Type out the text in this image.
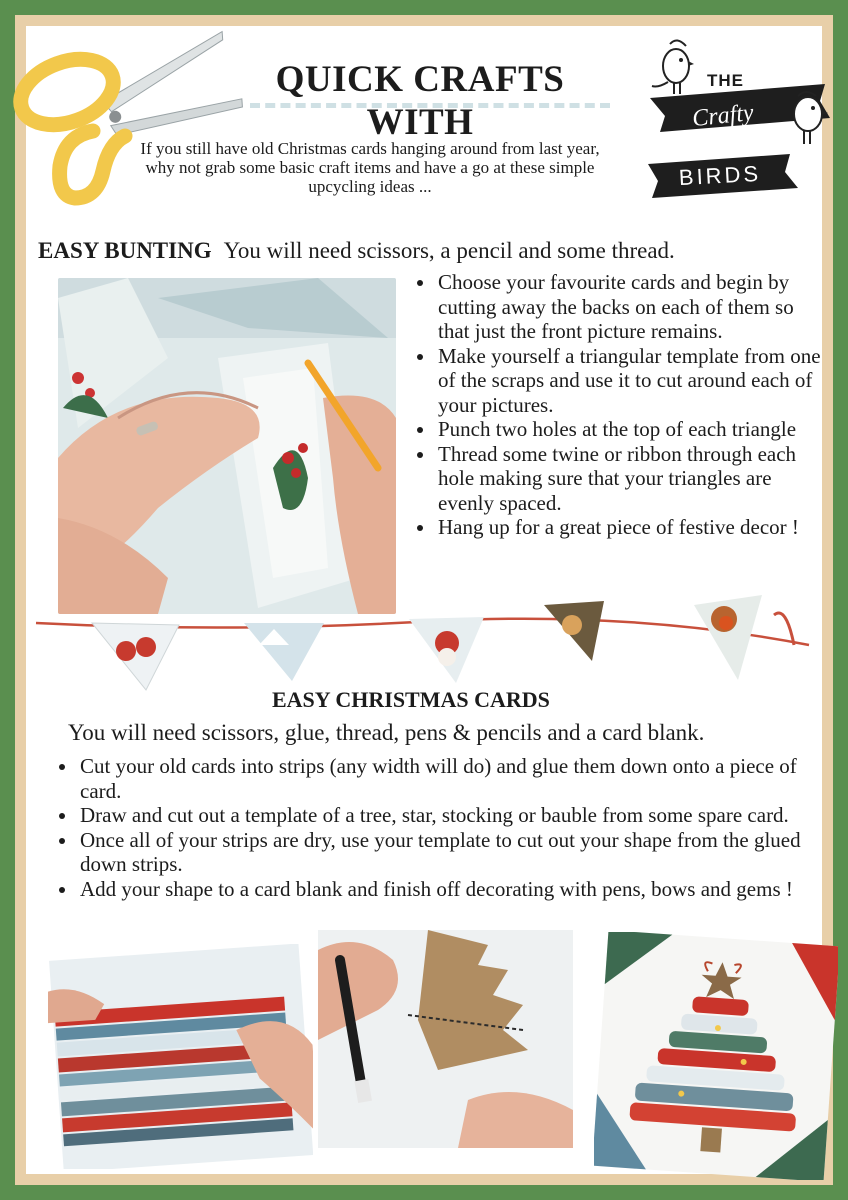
QUICK CRAFTS WITH
If you still have old Christmas cards hanging around from last year, why not grab some basic craft items and have a go at these simple upcycling ideas ...
THE
Crafty
BIRDS
EASY BUNTING You will need scissors, a pencil and some thread.
• Choose your favourite cards and begin by cutting away the backs on each of them so that just the front picture remains.
• Make yourself a triangular template from one of the scraps and use it to cut around each of your pictures.
• Punch two holes at the top of each triangle
• Thread some twine or ribbon through each hole making sure that your triangles are evenly spaced.
• Hang up for a great piece of festive decor !
EASY CHRISTMAS CARDS
You will need scissors, glue, thread, pens & pencils and a card blank.
• Cut your old cards into strips (any width will do) and glue them down onto a piece of card.
• Draw and cut out a template of a tree, star, stocking or bauble from some spare card.
• Once all of your strips are dry, use your template to cut out your shape from the glued down strips.
• Add your shape to a card blank and finish off decorating with pens, bows and gems !
